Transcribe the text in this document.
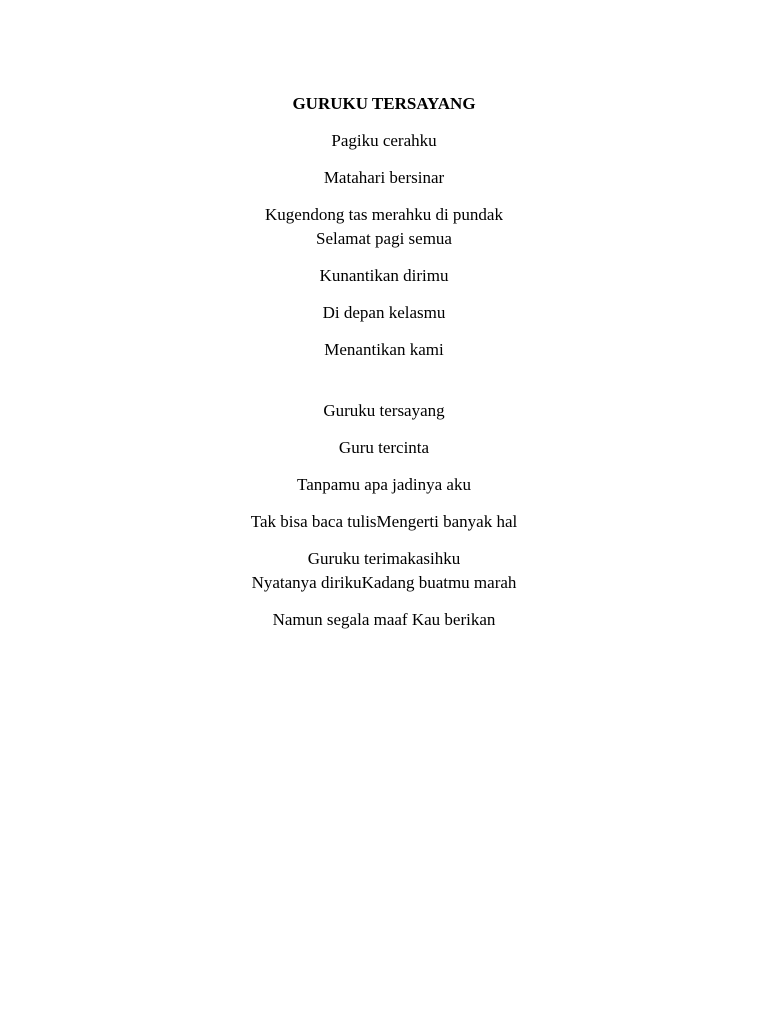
GURUKU TERSAYANG
Pagiku cerahku
Matahari bersinar
Kugendong tas merahku di pundak
Selamat pagi semua
Kunantikan dirimu
Di depan kelasmu
Menantikan kami
Guruku tersayang
Guru tercinta
Tanpamu apa jadinya aku
Tak bisa baca tulisMengerti banyak hal
Guruku terimakasihku
Nyatanya dirikuKadang buatmu marah
Namun segala maaf Kau berikan
